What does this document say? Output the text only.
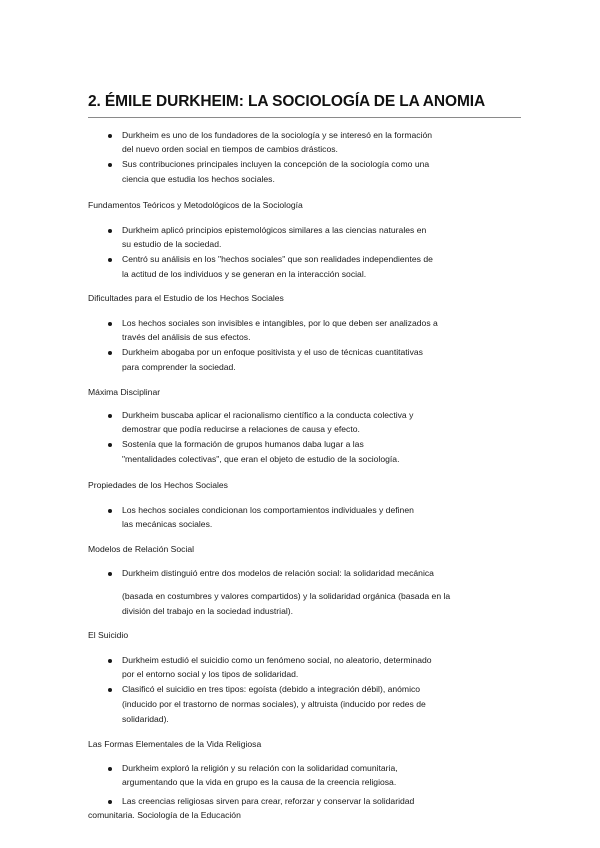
2. ÉMILE DURKHEIM: LA SOCIOLOGÍA DE LA ANOMIA

Durkheim es uno de los fundadores de la sociología y se interesó en la formación

del nuevo orden social en tiempos de cambios drásticos.

Sus contribuciones principales incluyen la concepción de la sociología como una

ciencia que estudia los hechos sociales.

Fundamentos Teóricos y Metodológicos de la Sociología

Durkheim aplicó principios epistemológicos similares a las ciencias naturales en

su estudio de la sociedad.

Centró su análisis en los "hechos sociales" que son realidades independientes de

la actitud de los individuos y se generan en la interacción social.

Dificultades para el Estudio de los Hechos Sociales

Los hechos sociales son invisibles e intangibles, por lo que deben ser analizados a

través del análisis de sus efectos.

Durkheim abogaba por un enfoque positivista y el uso de técnicas cuantitativas

para comprender la sociedad.

Máxima Disciplinar

Durkheim buscaba aplicar el racionalismo científico a la conducta colectiva y

demostrar que podía reducirse a relaciones de causa y efecto.

Sostenía que la formación de grupos humanos daba lugar a las

"mentalidades colectivas", que eran el objeto de estudio de la sociología.

Propiedades de los Hechos Sociales

Los hechos sociales condicionan los comportamientos individuales y definen

las mecánicas sociales.

Modelos de Relación Social

Durkheim distinguió entre dos modelos de relación social: la solidaridad mecánica

(basada en costumbres y valores compartidos) y la solidaridad orgánica (basada en la

división del trabajo en la sociedad industrial).

El Suicidio

Durkheim estudió el suicidio como un fenómeno social, no aleatorio, determinado

por el entorno social y los tipos de solidaridad.

Clasificó el suicidio en tres tipos: egoísta (debido a integración débil), anómico

(inducido por el trastorno de normas sociales), y altruista (inducido por redes de

solidaridad).

Las Formas Elementales de la Vida Religiosa

Durkheim exploró la religión y su relación con la solidaridad comunitaria,

argumentando que la vida en grupo es la causa de la creencia religiosa.

Las creencias religiosas sirven para crear, reforzar y conservar la solidaridad

comunitaria. Sociología de la Educación
